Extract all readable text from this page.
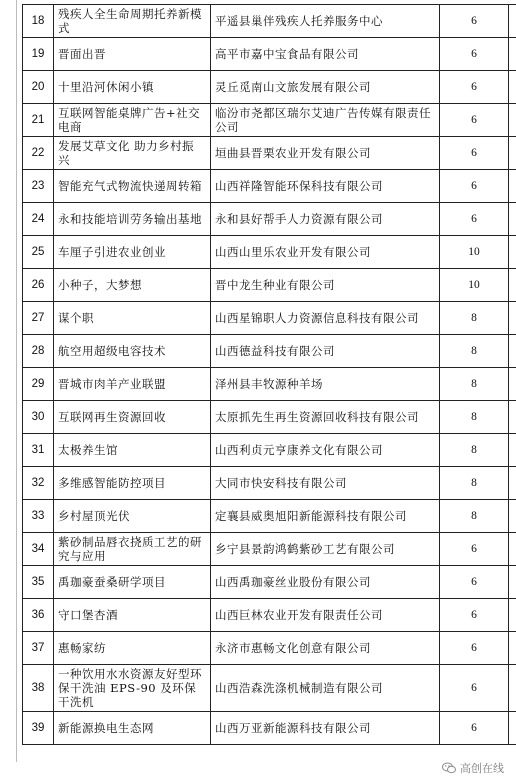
18	残疾人全生命周期托养新模式	平遥县巢伴残疾人托养服务中心	6	
19	晋面出晋	高平市嘉中宝食品有限公司	6	
20	十里沿河休闲小镇	灵丘觅南山文旅发展有限公司	6	
21	互联网智能桌牌广告+社交电商	临汾市尧都区瑞尔艾迪广告传媒有限责任公司	6	
22	发展艾草文化 助力乡村振兴	垣曲县晋栗农业开发有限公司	6	
23	智能充气式物流快递周转箱	山西祥隆智能环保科技有限公司	6	
24	永和技能培训劳务输出基地	永和县好帮手人力资源有限公司	6	
25	车厘子引进农业创业	山西山里乐农业开发有限公司	10	
26	小种子，大梦想	晋中龙生种业有限公司	10	
27	谋个职	山西星锦职人力资源信息科技有限公司	8	
28	航空用超级电容技术	山西德益科技有限公司	8	
29	晋城市肉羊产业联盟	泽州县丰牧源种羊场	8	
30	互联网再生资源回收	太原抓先生再生资源回收科技有限公司	8	
31	太极养生馆	山西利贞元亨康养文化有限公司	8	
32	多维感智能防控项目	大同市快安科技有限公司	8	
33	乡村屋顶光伏	定襄县威奥旭阳新能源科技有限公司	8	
34	紫砂制品唇衣挠质工艺的研究与应用	乡宁县景韵鸿鹤紫砂工艺有限公司	6	
35	禹珈豪蚕桑研学项目	山西禹珈豪丝业股份有限公司	6	
36	守口堡杏酒	山西巨林农业开发有限责任公司	6	
37	惠畅家纺	永济市惠畅文化创意有限公司	6	
38	一种饮用水水资源友好型环保干洗油 EPS-90 及环保干洗机	山西浩森洗涤机械制造有限公司	6	
39	新能源换电生态网	山西万亚新能源科技有限公司	6	
高创在线
